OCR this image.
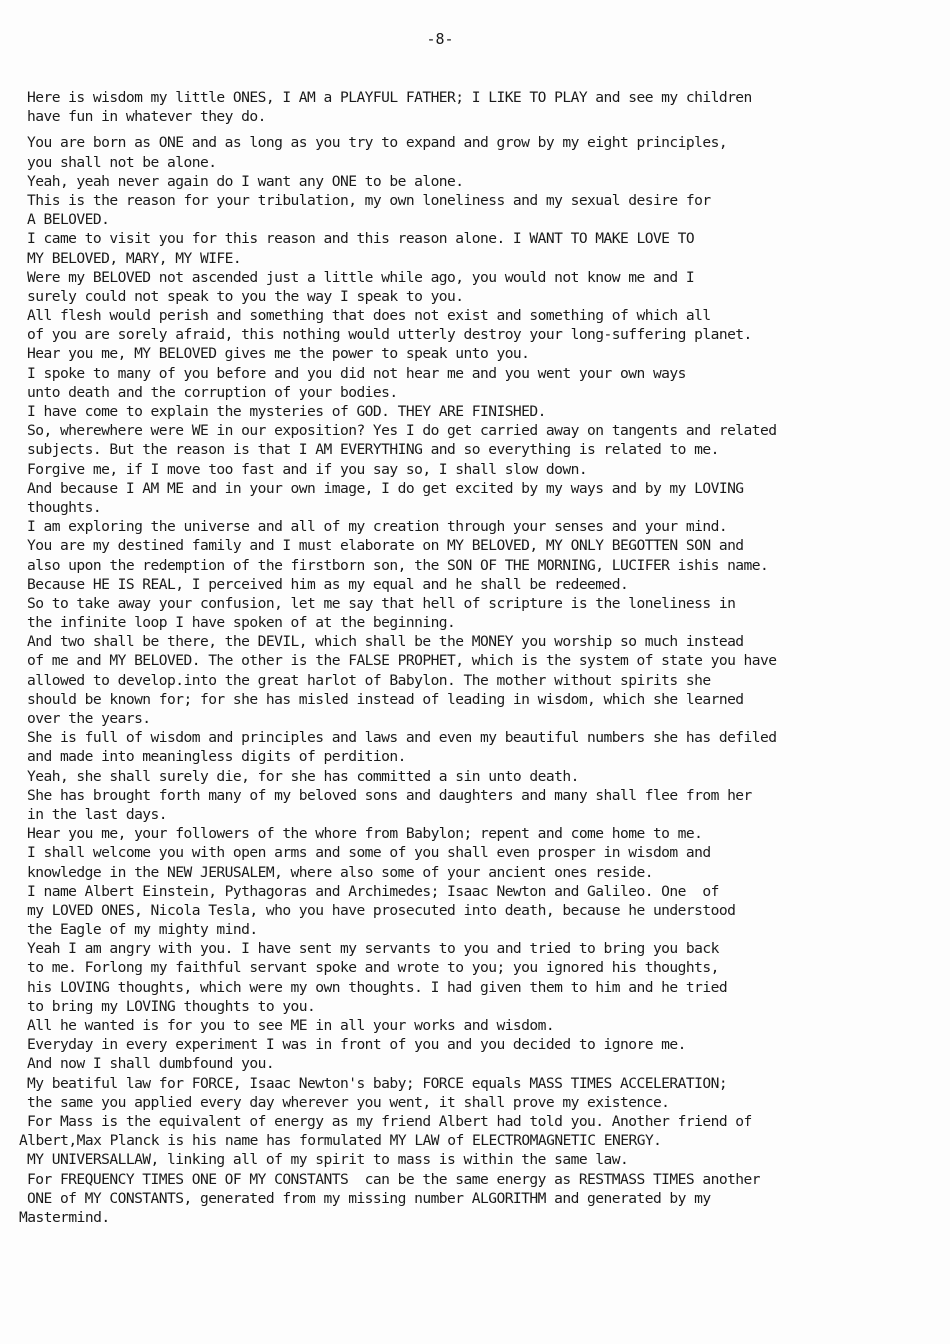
-8-
Here is wisdom my little ONES, I AM a PLAYFUL FATHER; I LIKE TO PLAY and see my children
have fun in whatever they do.
You are born as ONE and as long as you try to expand and grow by my eight principles,
you shall not be alone.
Yeah, yeah never again do I want any ONE to be alone.
This is the reason for your tribulation, my own loneliness and my sexual desire for
A BELOVED.
I came to visit you for this reason and this reason alone. I WANT TO MAKE LOVE TO
MY BELOVED, MARY, MY WIFE.
Were my BELOVED not ascended just a little while ago, you would not know me and I
surely could not speak to you the way I speak to you.
All flesh would perish and something that does not exist and something of which all
of you are sorely afraid, this nothing would utterly destroy your long-suffering planet.
Hear you me, MY BELOVED gives me the power to speak unto you.
I spoke to many of you before and you did not hear me and you went your own ways
unto death and the corruption of your bodies.
I have come to explain the mysteries of GOD. THEY ARE FINISHED.
So, wherewhere were WE in our exposition? Yes I do get carried away on tangents and related
subjects. But the reason is that I AM EVERYTHING and so everything is related to me.
Forgive me, if I move too fast and if you say so, I shall slow down.
And because I AM ME and in your own image, I do get excited by my ways and by my LOVING
thoughts.
I am exploring the universe and all of my creation through your senses and your mind.
You are my destined family and I must elaborate on MY BELOVED, MY ONLY BEGOTTEN SON and
also upon the redemption of the firstborn son, the SON OF THE MORNING, LUCIFER ishis name.
Because HE IS REAL, I perceived him as my equal and he shall be redeemed.
So to take away your confusion, let me say that hell of scripture is the loneliness in
the infinite loop I have spoken of at the beginning.
And two shall be there, the DEVIL, which shall be the MONEY you worship so much instead
of me and MY BELOVED. The other is the FALSE PROPHET, which is the system of state you have
allowed to develop.into the great harlot of Babylon. The mother without spirits she
should be known for; for she has misled instead of leading in wisdom, which she learned
over the years.
She is full of wisdom and principles and laws and even my beautiful numbers she has defiled
and made into meaningless digits of perdition.
Yeah, she shall surely die, for she has committed a sin unto death.
She has brought forth many of my beloved sons and daughters and many shall flee from her
in the last days.
Hear you me, your followers of the whore from Babylon; repent and come home to me.
I shall welcome you with open arms and some of you shall even prosper in wisdom and
knowledge in the NEW JERUSALEM, where also some of your ancient ones reside.
I name Albert Einstein, Pythagoras and Archimedes; Isaac Newton and Galileo. One  of
my LOVED ONES, Nicola Tesla, who you have prosecuted into death, because he understood
the Eagle of my mighty mind.
Yeah I am angry with you. I have sent my servants to you and tried to bring you back
to me. Forlong my faithful servant spoke and wrote to you; you ignored his thoughts,
his LOVING thoughts, which were my own thoughts. I had given them to him and he tried
to bring my LOVING thoughts to you.
All he wanted is for you to see ME in all your works and wisdom.
Everyday in every experiment I was in front of you and you decided to ignore me.
And now I shall dumbfound you.
My beatiful law for FORCE, Isaac Newton's baby; FORCE equals MASS TIMES ACCELERATION;
the same you applied every day wherever you went, it shall prove my existence.
For Mass is the equivalent of energy as my friend Albert had told you. Another friend of
Albert,Max Planck is his name has formulated MY LAW of ELECTROMAGNETIC ENERGY.
MY UNIVERSALLAW, linking all of my spirit to mass is within the same law.
For FREQUENCY TIMES ONE OF MY CONSTANTS  can be the same energy as RESTMASS TIMES another
ONE of MY CONSTANTS, generated from my missing number ALGORITHM and generated by my
Mastermind.
